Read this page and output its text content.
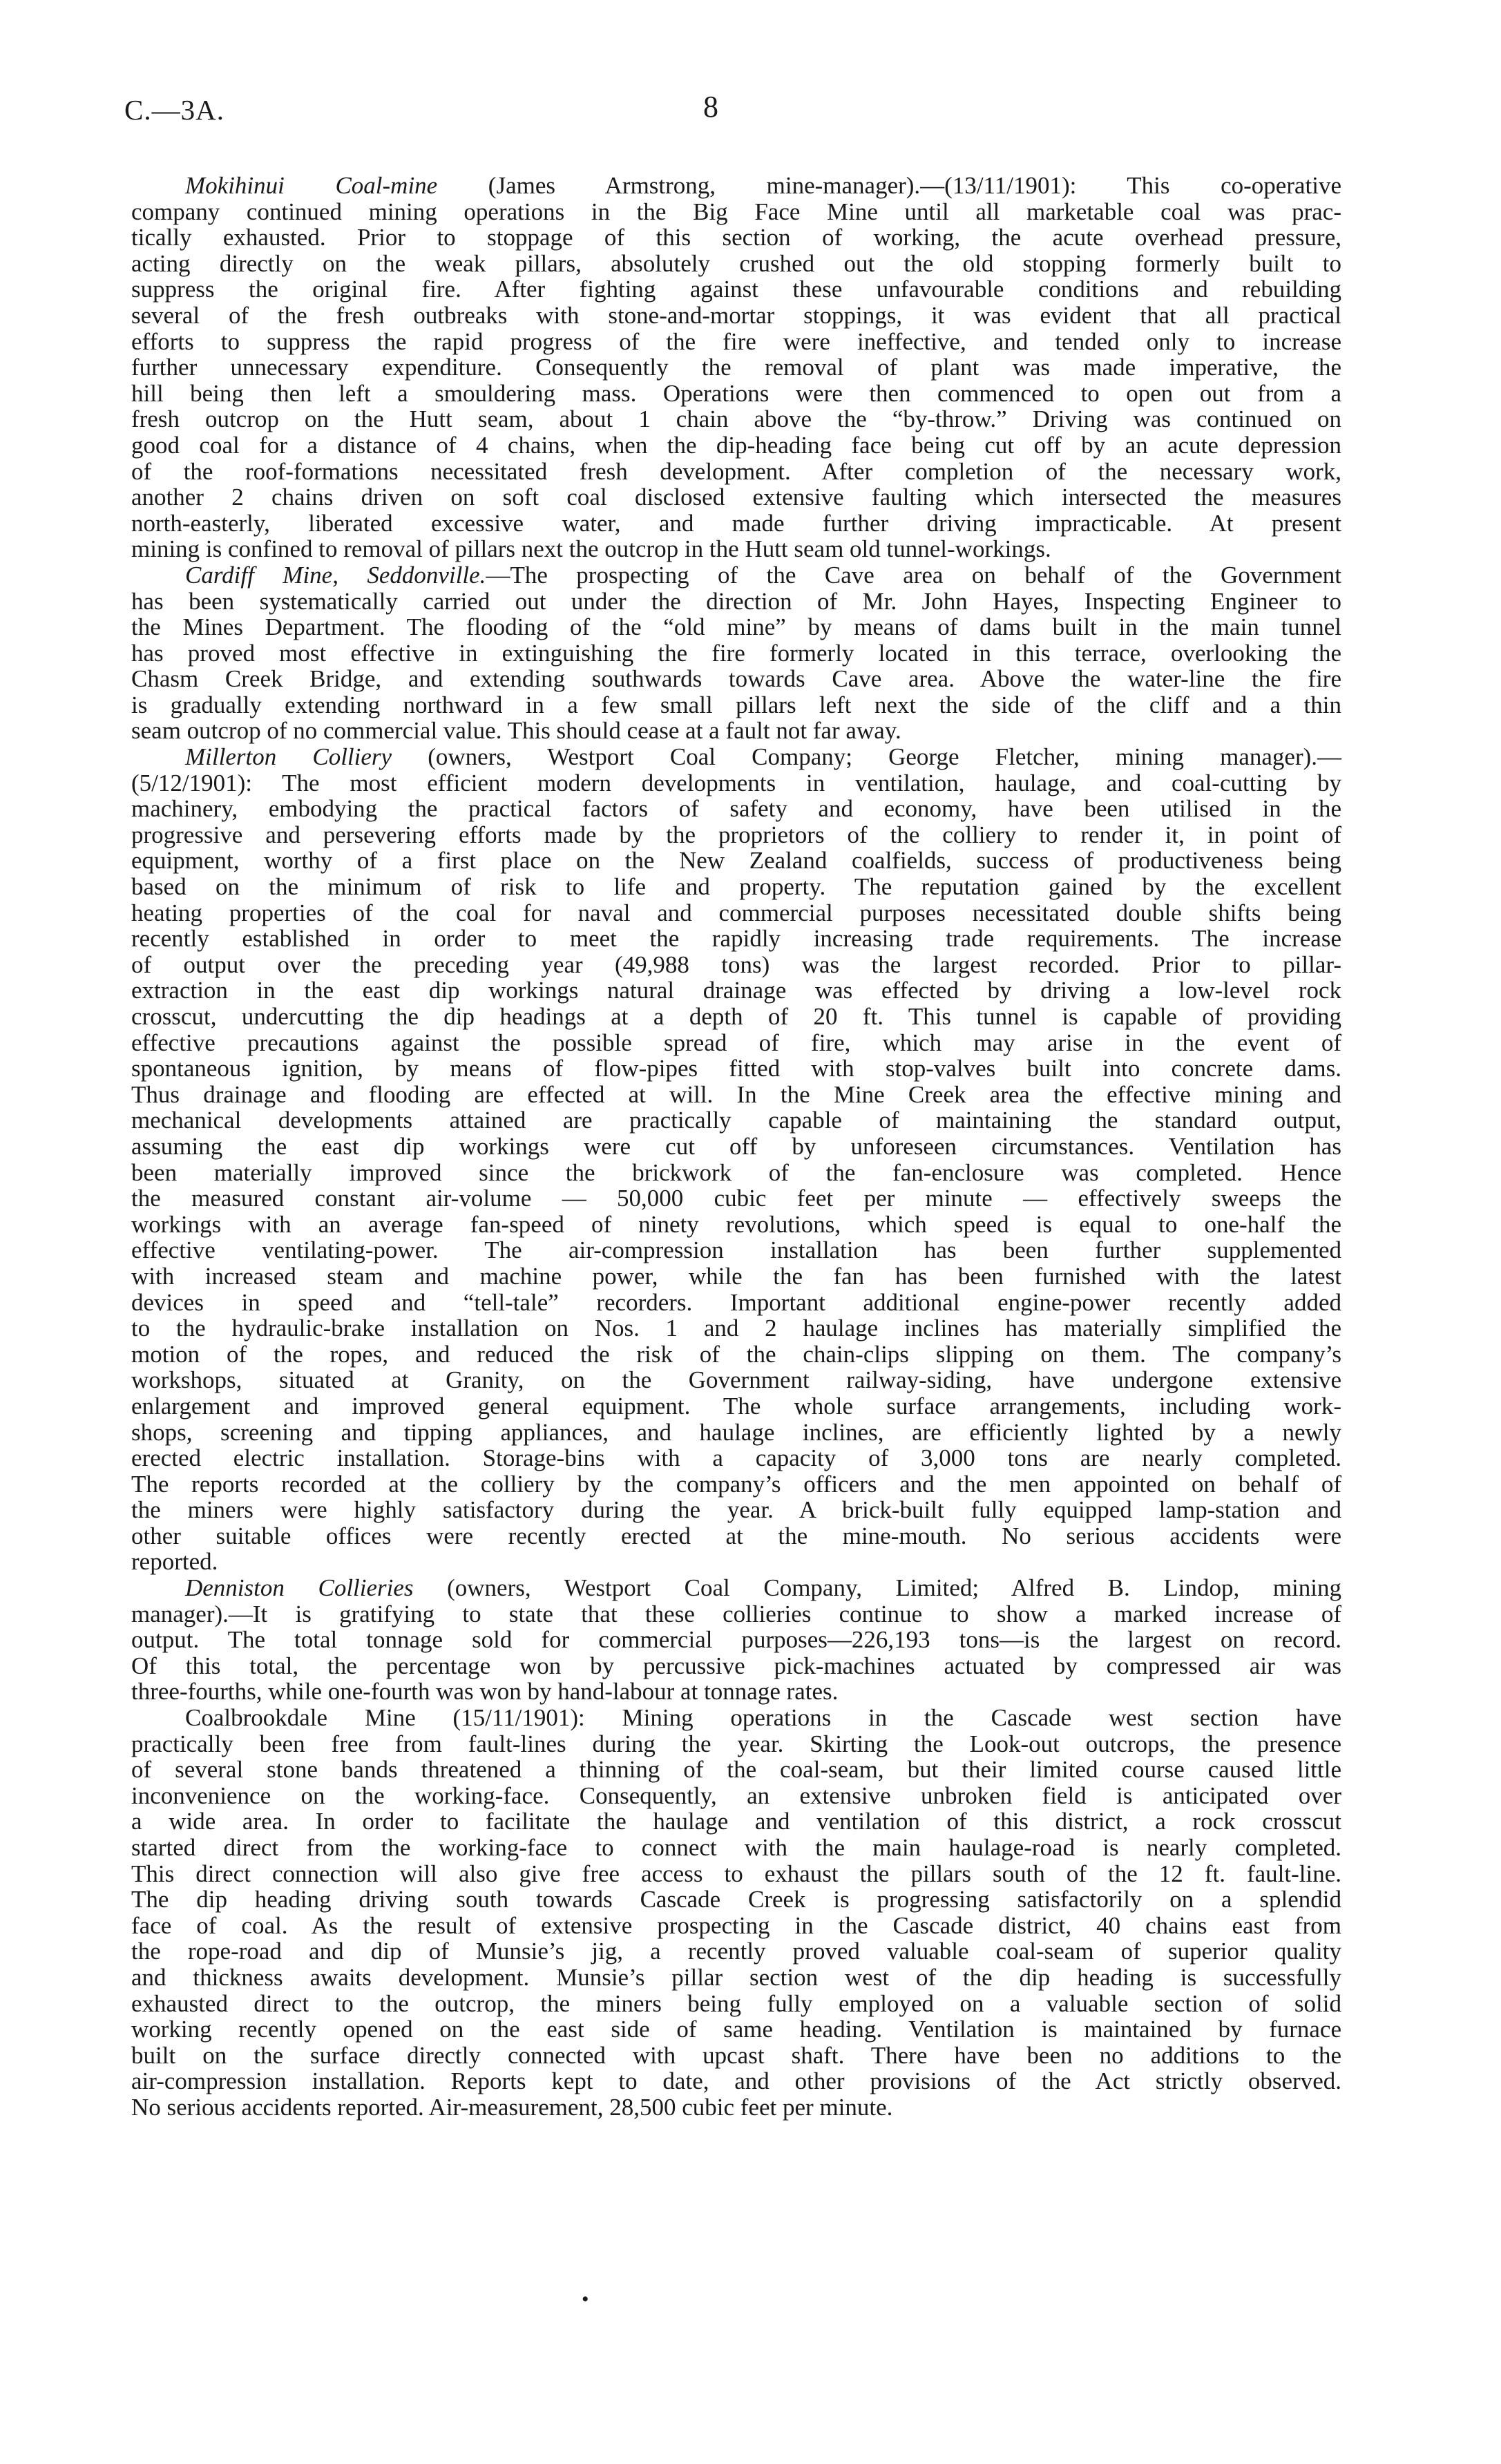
C.—3A.	8
Mokihinui Coal-mine (James Armstrong, mine-manager).—(13/11/1901): This co-operative
company continued mining operations in the Big Face Mine until all marketable coal was prac-
tically exhausted. Prior to stoppage of this section of working, the acute overhead pressure,
acting directly on the weak pillars, absolutely crushed out the old stopping formerly built to
suppress the original fire. After fighting against these unfavourable conditions and rebuilding
several of the fresh outbreaks with stone-and-mortar stoppings, it was evident that all practical
efforts to suppress the rapid progress of the fire were ineffective, and tended only to increase
further unnecessary expenditure. Consequently the removal of plant was made imperative, the
hill being then left a smouldering mass. Operations were then commenced to open out from a
fresh outcrop on the Hutt seam, about 1 chain above the “by-throw.” Driving was continued on
good coal for a distance of 4 chains, when the dip-heading face being cut off by an acute depression
of the roof-formations necessitated fresh development. After completion of the necessary work,
another 2 chains driven on soft coal disclosed extensive faulting which intersected the measures
north-easterly, liberated excessive water, and made further driving impracticable. At present
mining is confined to removal of pillars next the outcrop in the Hutt seam old tunnel-workings.
Cardiff Mine, Seddonville.—The prospecting of the Cave area on behalf of the Government
has been systematically carried out under the direction of Mr. John Hayes, Inspecting Engineer to
the Mines Department. The flooding of the “old mine” by means of dams built in the main tunnel
has proved most effective in extinguishing the fire formerly located in this terrace, overlooking the
Chasm Creek Bridge, and extending southwards towards Cave area. Above the water-line the fire
is gradually extending northward in a few small pillars left next the side of the cliff and a thin
seam outcrop of no commercial value. This should cease at a fault not far away.
Millerton Colliery (owners, Westport Coal Company; George Fletcher, mining manager).—
(5/12/1901): The most efficient modern developments in ventilation, haulage, and coal-cutting by
machinery, embodying the practical factors of safety and economy, have been utilised in the
progressive and persevering efforts made by the proprietors of the colliery to render it, in point of
equipment, worthy of a first place on the New Zealand coalfields, success of productiveness being
based on the minimum of risk to life and property. The reputation gained by the excellent
heating properties of the coal for naval and commercial purposes necessitated double shifts being
recently established in order to meet the rapidly increasing trade requirements. The increase
of output over the preceding year (49,988 tons) was the largest recorded. Prior to pillar-
extraction in the east dip workings natural drainage was effected by driving a low-level rock
crosscut, undercutting the dip headings at a depth of 20 ft. This tunnel is capable of providing
effective precautions against the possible spread of fire, which may arise in the event of
spontaneous ignition, by means of flow-pipes fitted with stop-valves built into concrete dams.
Thus drainage and flooding are effected at will. In the Mine Creek area the effective mining and
mechanical developments attained are practically capable of maintaining the standard output,
assuming the east dip workings were cut off by unforeseen circumstances. Ventilation has
been materially improved since the brickwork of the fan-enclosure was completed. Hence
the measured constant air-volume — 50,000 cubic feet per minute — effectively sweeps the
workings with an average fan-speed of ninety revolutions, which speed is equal to one-half the
effective ventilating-power. The air-compression installation has been further supplemented
with increased steam and machine power, while the fan has been furnished with the latest
devices in speed and “tell-tale” recorders. Important additional engine-power recently added
to the hydraulic-brake installation on Nos. 1 and 2 haulage inclines has materially simplified the
motion of the ropes, and reduced the risk of the chain-clips slipping on them. The company’s
workshops, situated at Granity, on the Government railway-siding, have undergone extensive
enlargement and improved general equipment. The whole surface arrangements, including work-
shops, screening and tipping appliances, and haulage inclines, are efficiently lighted by a newly
erected electric installation. Storage-bins with a capacity of 3,000 tons are nearly completed.
The reports recorded at the colliery by the company’s officers and the men appointed on behalf of
the miners were highly satisfactory during the year. A brick-built fully equipped lamp-station and
other suitable offices were recently erected at the mine-mouth. No serious accidents were
reported.
Denniston Collieries (owners, Westport Coal Company, Limited; Alfred B. Lindop, mining
manager).—It is gratifying to state that these collieries continue to show a marked increase of
output. The total tonnage sold for commercial purposes—226,193 tons—is the largest on record.
Of this total, the percentage won by percussive pick-machines actuated by compressed air was
three-fourths, while one-fourth was won by hand-labour at tonnage rates.
Coalbrookdale Mine (15/11/1901): Mining operations in the Cascade west section have
practically been free from fault-lines during the year. Skirting the Look-out outcrops, the presence
of several stone bands threatened a thinning of the coal-seam, but their limited course caused little
inconvenience on the working-face. Consequently, an extensive unbroken field is anticipated over
a wide area. In order to facilitate the haulage and ventilation of this district, a rock crosscut
started direct from the working-face to connect with the main haulage-road is nearly completed.
This direct connection will also give free access to exhaust the pillars south of the 12 ft. fault-line.
The dip heading driving south towards Cascade Creek is progressing satisfactorily on a splendid
face of coal. As the result of extensive prospecting in the Cascade district, 40 chains east from
the rope-road and dip of Munsie’s jig, a recently proved valuable coal-seam of superior quality
and thickness awaits development. Munsie’s pillar section west of the dip heading is successfully
exhausted direct to the outcrop, the miners being fully employed on a valuable section of solid
working recently opened on the east side of same heading. Ventilation is maintained by furnace
built on the surface directly connected with upcast shaft. There have been no additions to the
air-compression installation. Reports kept to date, and other provisions of the Act strictly observed.
No serious accidents reported. Air-measurement, 28,500 cubic feet per minute.
•
